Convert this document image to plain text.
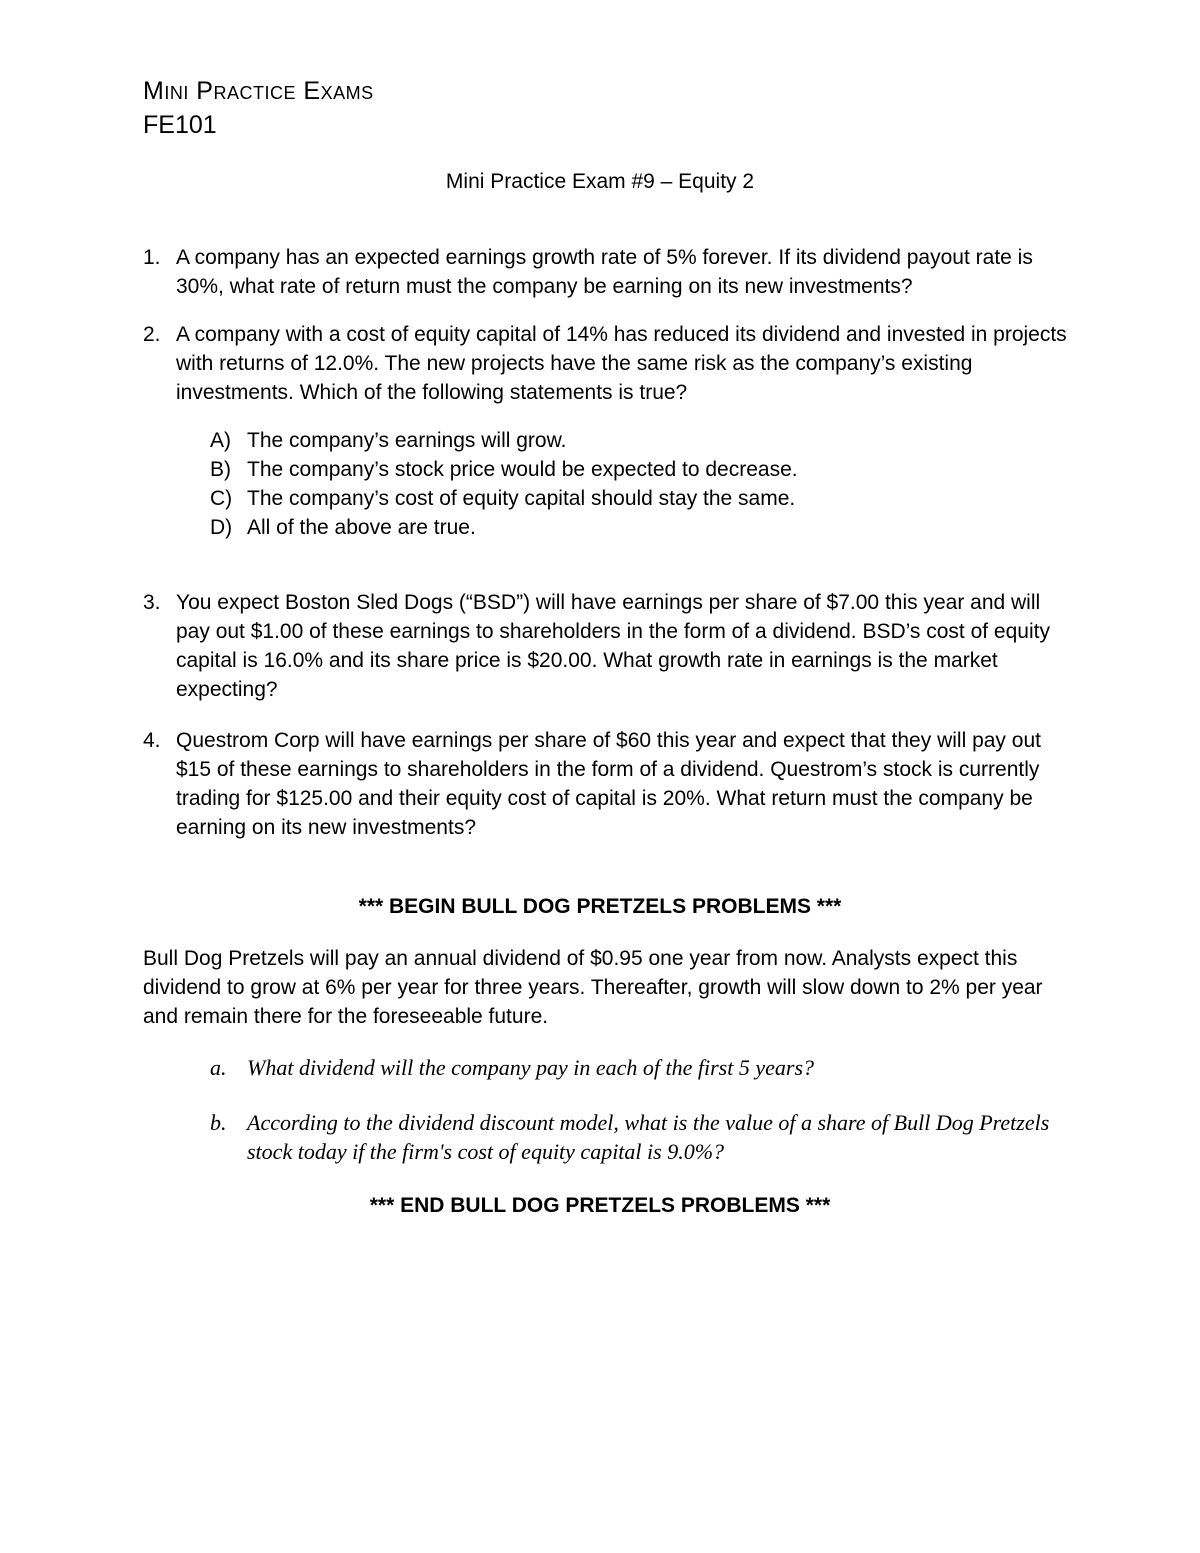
Mini Practice Exams
FE101
Mini Practice Exam #9 – Equity 2
1. A company has an expected earnings growth rate of 5% forever. If its dividend payout rate is 30%, what rate of return must the company be earning on its new investments?
2. A company with a cost of equity capital of 14% has reduced its dividend and invested in projects with returns of 12.0%. The new projects have the same risk as the company’s existing investments. Which of the following statements is true?
A) The company’s earnings will grow.
B) The company’s stock price would be expected to decrease.
C) The company’s cost of equity capital should stay the same.
D) All of the above are true.
3. You expect Boston Sled Dogs (“BSD”) will have earnings per share of $7.00 this year and will pay out $1.00 of these earnings to shareholders in the form of a dividend. BSD’s cost of equity capital is 16.0% and its share price is $20.00. What growth rate in earnings is the market expecting?
4. Questrom Corp will have earnings per share of $60 this year and expect that they will pay out $15 of these earnings to shareholders in the form of a dividend. Questrom’s stock is currently trading for $125.00 and their equity cost of capital is 20%. What return must the company be earning on its new investments?
*** BEGIN BULL DOG PRETZELS PROBLEMS ***
Bull Dog Pretzels will pay an annual dividend of $0.95 one year from now. Analysts expect this dividend to grow at 6% per year for three years. Thereafter, growth will slow down to 2% per year and remain there for the foreseeable future.
a. What dividend will the company pay in each of the first 5 years?
b. According to the dividend discount model, what is the value of a share of Bull Dog Pretzels stock today if the firm's cost of equity capital is 9.0%?
*** END BULL DOG PRETZELS PROBLEMS ***
